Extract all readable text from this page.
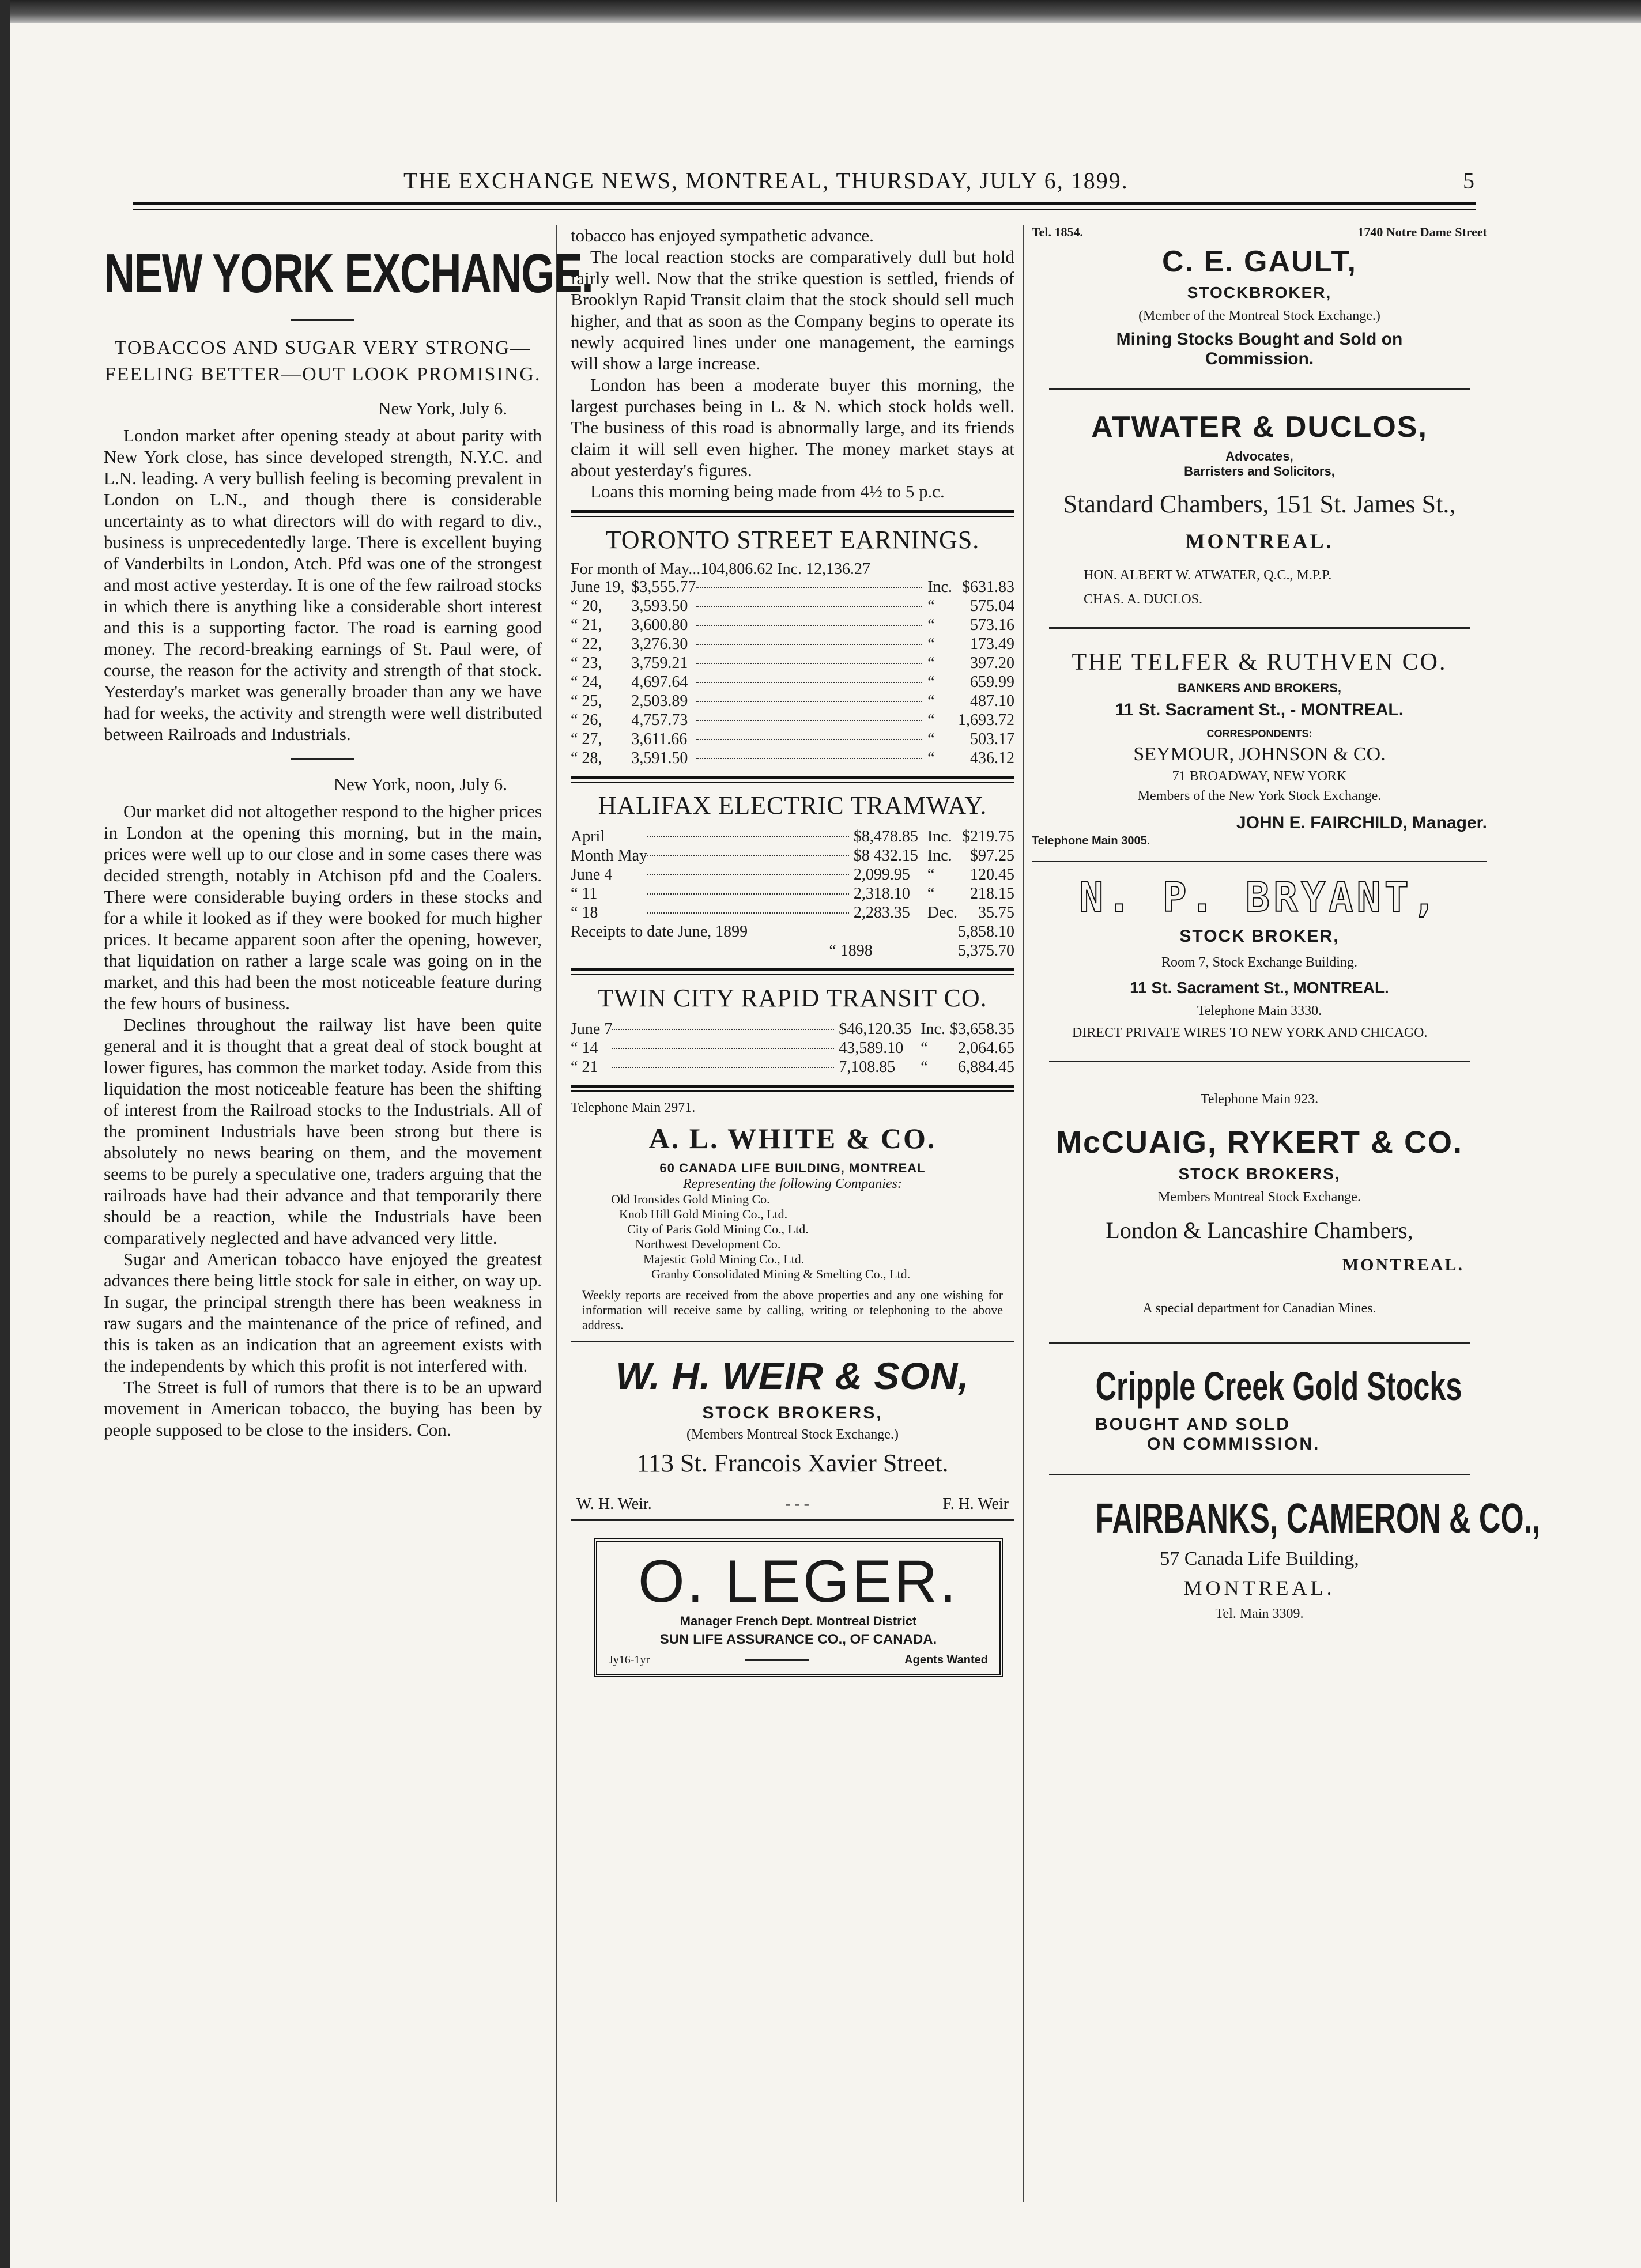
THE EXCHANGE NEWS, MONTREAL, THURSDAY, JULY 6, 1899.	5
NEW YORK EXCHANGE.

TOBACCOS AND SUGAR VERY STRONG—FEELING BETTER—OUT LOOK PROMISING.

New York, July 6.

London market after opening steady at about parity with New York close, has since developed strength, N.Y.C. and L.N. leading. A very bullish feeling is becoming prevalent in London on L.N., and though there is considerable uncertainty as to what directors will do with regard to div., business is unprecedentedly large. There is excellent buying of Vanderbilts in London, Atch. Pfd was one of the strongest and most active yesterday. It is one of the few railroad stocks in which there is anything like a considerable short interest and this is a supporting factor. The road is earning good money. The record-breaking earnings of St. Paul were, of course, the reason for the activity and strength of that stock. Yesterday's market was generally broader than any we have had for weeks, the activity and strength were well distributed between Railroads and Industrials.

New York, noon, July 6.

Our market did not altogether respond to the higher prices in London at the opening this morning, but in the main, prices were well up to our close and in some cases there was decided strength, notably in Atchison pfd and the Coalers. There were considerable buying orders in these stocks and for a while it looked as if they were booked for much higher prices. It became apparent soon after the opening, however, that liquidation on rather a large scale was going on in the market, and this had been the most noticeable feature during the few hours of business.

Declines throughout the railway list have been quite general and it is thought that a great deal of stock bought at lower figures, has common the market today. Aside from this liquidation the most noticeable feature has been the shifting of interest from the Railroad stocks to the Industrials. All of the prominent Industrials have been strong but there is absolutely no news bearing on them, and the movement seems to be purely a speculative one, traders arguing that the railroads have had their advance and that temporarily there should be a reaction, while the Industrials have been comparatively neglected and have advanced very little.

Sugar and American tobacco have enjoyed the greatest advances there being little stock for sale in either, on way up. In sugar, the principal strength there has been weakness in raw sugars and the maintenance of the price of refined, and this is taken as an indication that an agreement exists with the independents by which this profit is not interfered with.

The Street is full of rumors that there is to be an upward movement in American tobacco, the buying has been by people supposed to be close to the insiders. Con.

tobacco has enjoyed sympathetic advance.

The local reaction stocks are comparatively dull but hold fairly well. Now that the strike question is settled, friends of Brooklyn Rapid Transit claim that the stock should sell much higher, and that as soon as the Company begins to operate its newly acquired lines under one management, the earnings will show a large increase.

London has been a moderate buyer this morning, the largest purchases being in L. & N. which stock holds well. The business of this road is abnormally large, and its friends claim it will sell even higher. The money market stays at about yesterday's figures.

Loans this morning being made from 4½ to 5 p.c.

TORONTO STREET EARNINGS.
For month of May...104,806.62 Inc. 12,136.27
June 19,	$3,555.77		Inc.	$631.83
“ 20,	3,593.50		“	575.04
“ 21,	3,600.80		“	573.16
“ 22,	3,276.30		“	173.49
“ 23,	3,759.21		“	397.20
“ 24,	4,697.64		“	659.99
“ 25,	2,503.89		“	487.10
“ 26,	4,757.73		“	1,693.72
“ 27,	3,611.66		“	503.17
“ 28,	3,591.50		“	436.12
HALIFAX ELECTRIC TRAMWAY.
April		$8,478.85	Inc.	$219.75
Month May		$8 432.15	Inc.	$97.25
June 4		2,099.95	“	120.45
“ 11		2,318.10	“	218.15
“ 18		2,283.35	Dec.	35.75
Receipts to date June, 1899	5,858.10
“ 1898	5,375.70
TWIN CITY RAPID TRANSIT CO.
June 7		$46,120.35	Inc.	$3,658.35
“ 14		43,589.10	“	2,064.65
“ 21		7,108.85	“	6,884.45
Telephone Main 2971.
A. L. WHITE & CO.
60 CANADA LIFE BUILDING, MONTREAL
Representing the following Companies:
Old Ironsides Gold Mining Co.
Knob Hill Gold Mining Co., Ltd.
City of Paris Gold Mining Co., Ltd.
Northwest Development Co.
Majestic Gold Mining Co., Ltd.
Granby Consolidated Mining & Smelting Co., Ltd.

Weekly reports are received from the above properties and any one wishing for information will receive same by calling, writing or telephoning to the above address.

W. H. WEIR & SON,
STOCK BROKERS,
(Members Montreal Stock Exchange.)
113 St. Francois Xavier Street.
W. H. Weir.	- - -	F. H. Weir
O. LEGER.
Manager French Dept. Montreal District
SUN LIFE ASSURANCE CO., OF CANADA.
Jy16-1yr	Agents Wanted
Tel. 1854.	1740 Notre Dame Street
C. E. GAULT,
STOCKBROKER,
(Member of the Montreal Stock Exchange.)
Mining Stocks Bought and Sold on
Commission.
ATWATER & DUCLOS,
Advocates,
Barristers and Solicitors,
Standard Chambers, 151 St. James St.,
MONTREAL.
HON. ALBERT W. ATWATER, Q.C., M.P.P.
CHAS. A. DUCLOS.
THE TELFER & RUTHVEN CO.
BANKERS AND BROKERS,
11 St. Sacrament St., - MONTREAL.
CORRESPONDENTS:
SEYMOUR, JOHNSON & CO.
71 BROADWAY, NEW YORK
Members of the New York Stock Exchange.
JOHN E. FAIRCHILD, Manager.
Telephone Main 3005.
N. P. BRYANT,
STOCK BROKER,
Room 7, Stock Exchange Building.
11 St. Sacrament St., MONTREAL.
Telephone Main 3330.
DIRECT PRIVATE WIRES TO NEW YORK AND CHICAGO.
Telephone Main 923.
McCUAIG, RYKERT & CO.
STOCK BROKERS,
Members Montreal Stock Exchange.
London & Lancashire Chambers,
MONTREAL.
A special department for Canadian Mines.
Cripple Creek Gold Stocks
BOUGHT AND SOLD
ON COMMISSION.
FAIRBANKS, CAMERON & CO.,
57 Canada Life Building,
MONTREAL.
Tel. Main 3309.
